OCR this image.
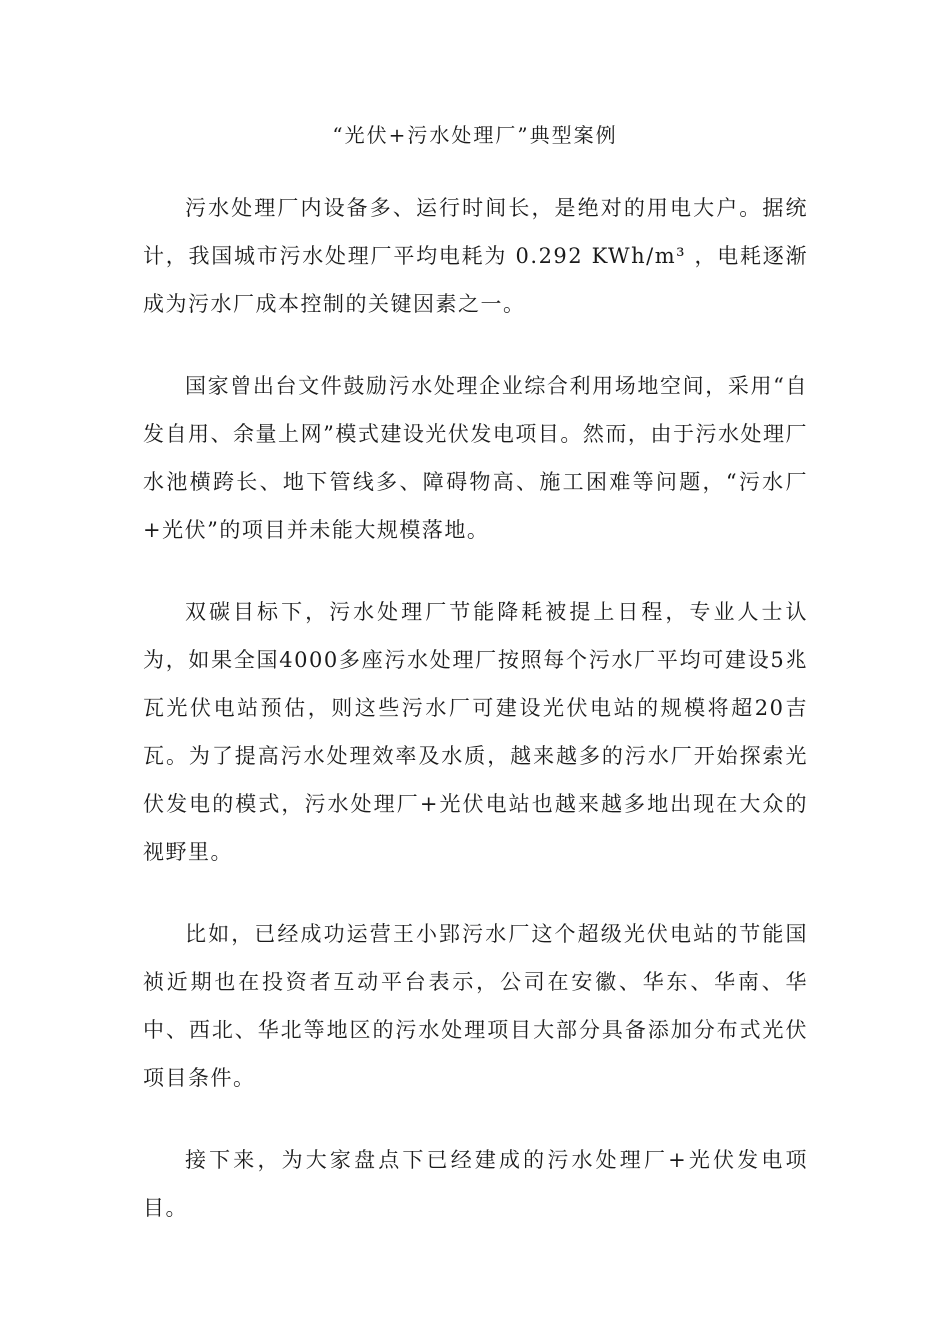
“光伏+污水处理厂”典型案例

污水处理厂内设备多、运行时间长，是绝对的用电大户。据统计，我国城市污水处理厂平均电耗为 0.292 KWh/m³ ，电耗逐渐成为污水厂成本控制的关键因素之一。

国家曾出台文件鼓励污水处理企业综合利用场地空间，采用“自发自用、余量上网”模式建设光伏发电项目。然而，由于污水处理厂水池横跨长、地下管线多、障碍物高、施工困难等问题，“污水厂+光伏”的项目并未能大规模落地。

双碳目标下，污水处理厂节能降耗被提上日程，专业人士认为，如果全国4000多座污水处理厂按照每个污水厂平均可建设5兆瓦光伏电站预估，则这些污水厂可建设光伏电站的规模将超20吉瓦。为了提高污水处理效率及水质，越来越多的污水厂开始探索光伏发电的模式，污水处理厂+光伏电站也越来越多地出现在大众的视野里。

比如，已经成功运营王小郢污水厂这个超级光伏电站的节能国祯近期也在投资者互动平台表示，公司在安徽、华东、华南、华中、西北、华北等地区的污水处理项目大部分具备添加分布式光伏项目条件。

接下来，为大家盘点下已经建成的污水处理厂+光伏发电项目。
